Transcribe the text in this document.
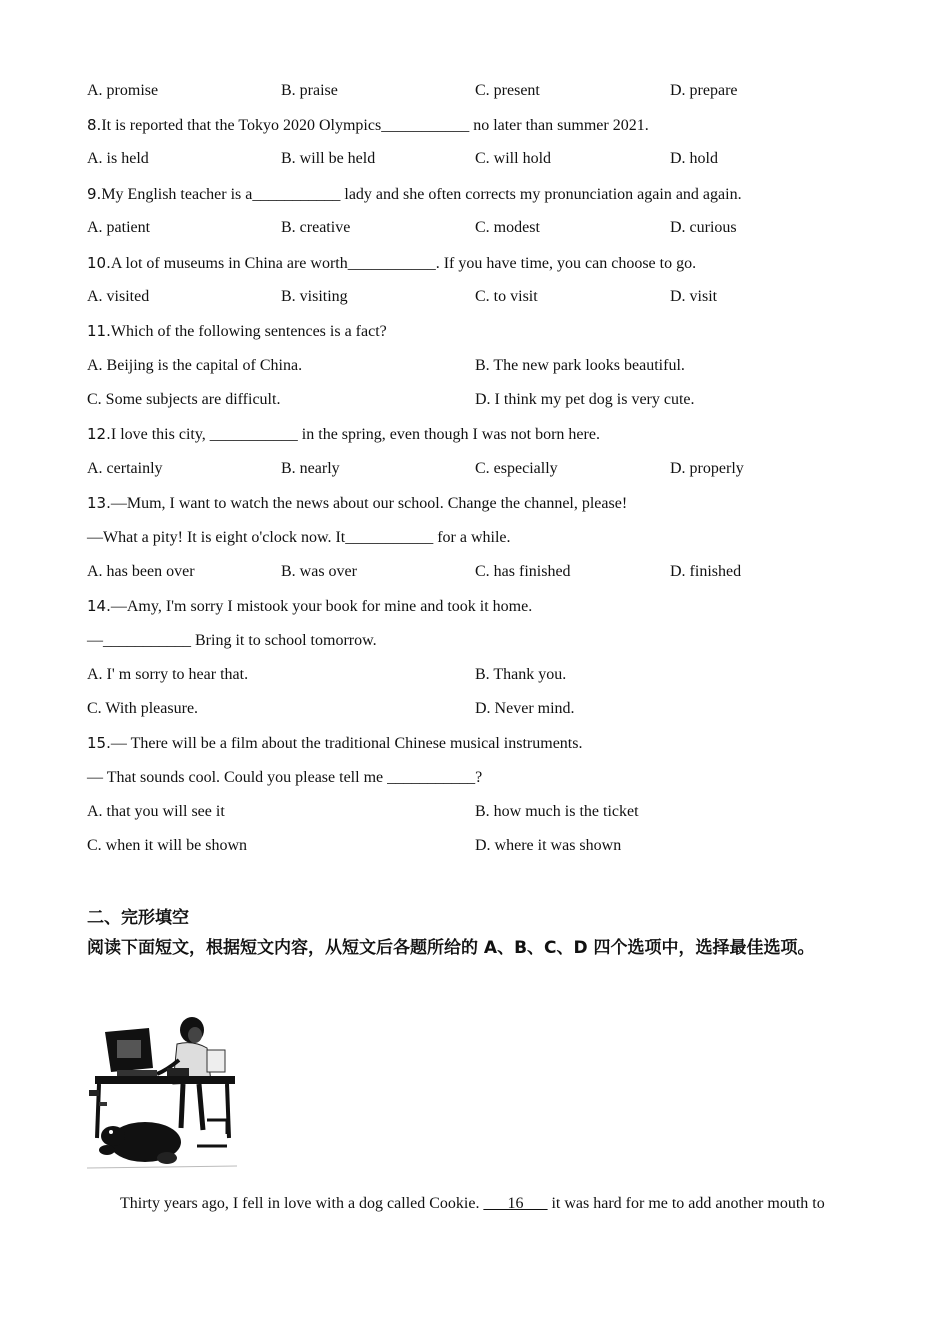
A. promise	B. praise	C. present	D. prepare
8.It is reported that the Tokyo 2020 Olympics___________ no later than summer 2021.
A. is held	B. will be held	C. will hold	D. hold
9.My English teacher is a___________ lady and she often corrects my pronunciation again and again.
A. patient	B. creative	C. modest	D. curious
10.A lot of museums in China are worth___________. If you have time, you can choose to go.
A. visited	B. visiting	C. to visit	D. visit
11.Which of the following sentences is a fact?
A. Beijing is the capital of China.	B. The new park looks beautiful.
C. Some subjects are difficult.	D. I think my pet dog is very cute.
12.I love this city, ___________ in the spring, even though I was not born here.
A. certainly	B. nearly	C. especially	D. properly
13.—Mum, I want to watch the news about our school. Change the channel, please!
—What a pity! It is eight o'clock now. It___________ for a while.
A. has been over	B. was over	C. has finished	D. finished
14.—Amy, I'm sorry I mistook your book for mine and took it home.
—___________ Bring it to school tomorrow.
A. I' m sorry to hear that.	B. Thank you.
C. With pleasure.	D. Never mind.
15.— There will be a film about the traditional Chinese musical instruments.
— That sounds cool. Could you please tell me ___________?
A. that you will see it	B. how much is the ticket
C. when it will be shown	D. where it was shown
二、完形填空
阅读下面短文，根据短文内容，从短文后各题所给的 A、B、C、D 四个选项中，选择最佳选项。
Thirty years ago, I fell in love with a dog called Cookie. ___16___ it was hard for me to add another mouth to
